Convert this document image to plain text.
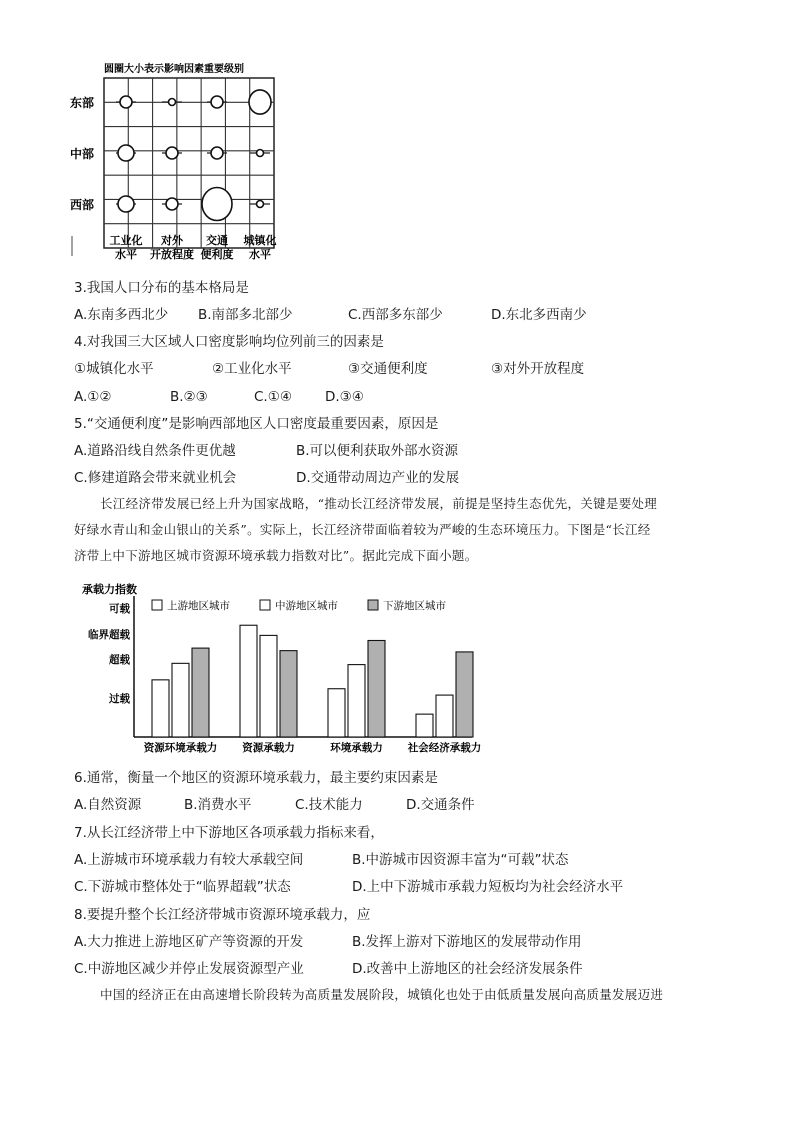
圆圈大小表示影响因素重要级别
东部
中部
西部
工业化
水平
对外
开放程度
交通
便利度
城镇化
水平
3.我国人口分布的基本格局是
A.东南多西北少 B.南部多北部少	C.西部多东部少	D.东北多西南少
4.对我国三大区域人口密度影响均位列前三的因素是
①城镇化水平	②工业化水平	③交通便利度	③对外开放程度
A.①②	B.②③	C.①④ D.③④
5.“交通便利度”是影响西部地区人口密度最重要因素，原因是
A.道路沿线自然条件更优越	B.可以便利获取外部水资源
C.修建道路会带来就业机会	D.交通带动周边产业的发展
长江经济带发展已经上升为国家战略，“推动长江经济带发展，前提是坚持生态优先，关键是要处理
好绿水青山和金山银山的关系”。实际上，长江经济带面临着较为严峻的生态环境压力。下图是“长江经
济带上中下游地区城市资源环境承载力指数对比”。据此完成下面小题。
承载力指数
可载
临界超载
超载
过载
上游地区城市	中游地区城市	下游地区城市
资源环境承载力 资源承载力	环境承载力 社会经济承载力
6.通常，衡量一个地区的资源环境承载力，最主要约束因素是
A.自然资源	B.消费水平	C.技术能力	D.交通条件
7.从长江经济带上中下游地区各项承载力指标来看，
A.上游城市环境承载力有较大承载空间	B.中游城市因资源丰富为“可载”状态
C.下游城市整体处于“临界超载”状态	D.上中下游城市承载力短板均为社会经济水平
8.要提升整个长江经济带城市资源环境承载力，应
A.大力推进上游地区矿产等资源的开发	B.发挥上游对下游地区的发展带动作用
C.中游地区减少并停止发展资源型产业	D.改善中上游地区的社会经济发展条件
中国的经济正在由高速增长阶段转为高质量发展阶段，城镇化也处于由低质量发展向高质量发展迈进
